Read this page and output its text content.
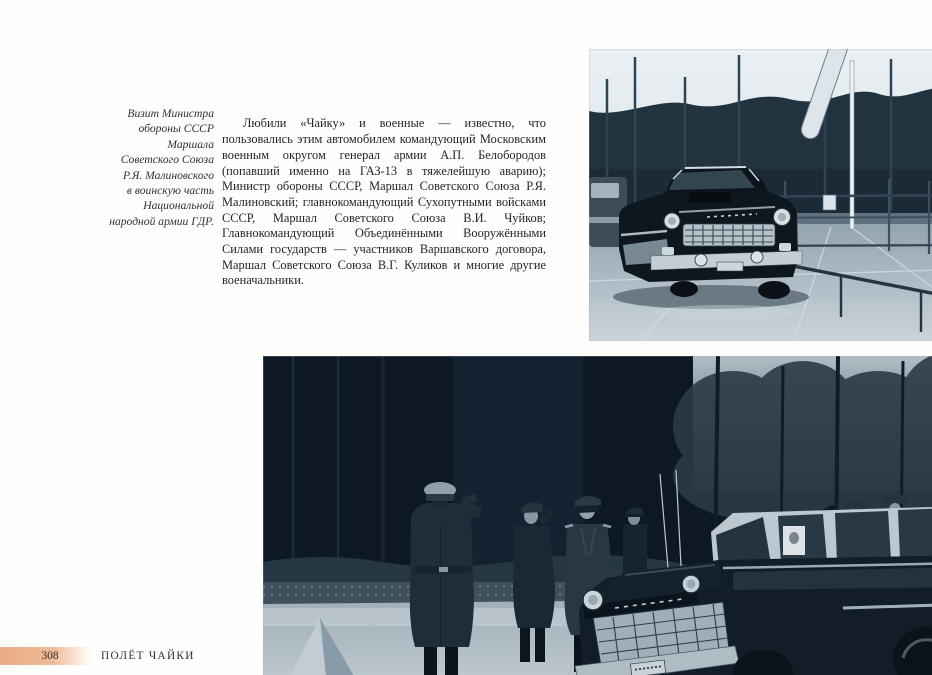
Визит Министра
обороны СССР
Маршала
Советского Союза
Р.Я. Малиновского
в воинскую часть
Национальной
народной армии ГДР.

Любили «Чайку» и военные — известно, что пользовались этим автомобилем командующий Московским военным округом генерал армии А.П. Белобородов (попавший именно на ГАЗ-13 в тяжелейшую аварию); Министр обороны СССР, Маршал Советского Союза Р.Я. Малиновский; главнокомандующий Сухопутными войсками СССР, Маршал Советского Союза В.И. Чуйков; Главнокомандующий Объединёнными Вооружёнными Силами государств — участников Варшавского договора, Маршал Советского Союза В.Г. Куликов и многие другие военачальники.

308	ПОЛЁТ ЧАЙКИ
